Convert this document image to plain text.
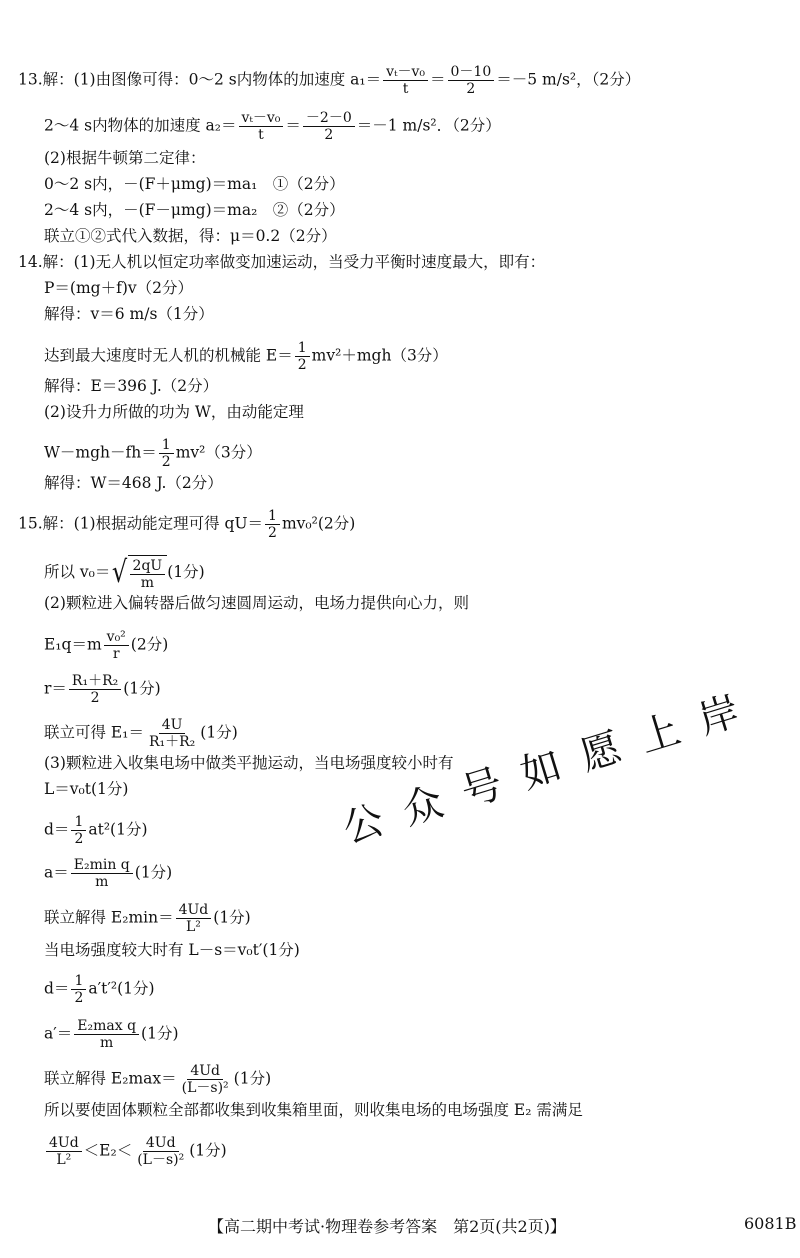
13.解：(1)由图像可得：0～2 s内物体的加速度 $a_1= \frac{\text{vₜ－v₀}}{t} = \frac{0-10}{2} =-5$ m/s²，（2分）
2～4 s内物体的加速度 $a_2= \frac{\text{vₜ－v₀}}{t} = \frac{-2-0}{2} =-1$ m/s²．（2分）
(2)根据牛顿第二定律：
0～2 s内，－(F＋μmg)＝ma₁　①（2分）
2～4 s内，－(F－μmg)＝ma₂　②（2分）
联立①②式代入数据，得：μ＝0.2（2分）
14.解：(1)无人机以恒定功率做变加速运动，当受力平衡时速度最大，即有：
P＝(mg＋f)v（2分）
解得：v＝6 m/s（1分）
达到最大速度时无人机的机械能 $E= \frac{1}{2} mv^2+mgh(3$分）
解得：E＝396 J.（2分）
(2)设升力所做的功为 W，由动能定理
$W-mgh-fh= \frac{1}{2} mv^2(3$分）
解得：W＝468 J.（2分）
15.解：(1)根据动能定理可得 $qU= \frac{1}{2} mv_0^2(2$分)
所以 v₀＝ √ $\frac{2qU}{m} (1$分)
(2)颗粒进入偏转器后做匀速圆周运动，电场力提供向心力，则
$E_1q=m \frac{\text{v₀²}}{r} (2$分)
$r= \frac{\text{R₁＋R₂}}{2} (1$分)
联立可得 $E_1= \frac{4U}{\text{R₁＋R₂}} (1$分)
(3)颗粒进入收集电场中做类平抛运动，当电场强度较小时有
L＝v₀t(1分)
$d= \frac{1}{2} at^2(1$分)
a＝ E₂min q
m
(1分)
联立解得 $E_2\min= \frac{4Ud}{\text{L²}} (1$分)
当电场强度较大时有 L－s＝v₀t′(1分)
$d= \frac{1}{2} a't'^2(1$分)
a′＝ E₂max q
m
(1分)
联立解得 $E_2\max= \frac{4Ud}{\text{(L－s)²}} (1$分)
所以要使固体颗粒全部都收集到收集箱里面，则收集电场的电场强度 E₂ 需满足
$\frac{4Ud}{\text{L²}} <E_2< \frac{4Ud}{\text{(L－s)²}} (1$分)
公众号如愿上岸
【高二期中考试·物理卷参考答案　第2页(共2页)】	6081B
